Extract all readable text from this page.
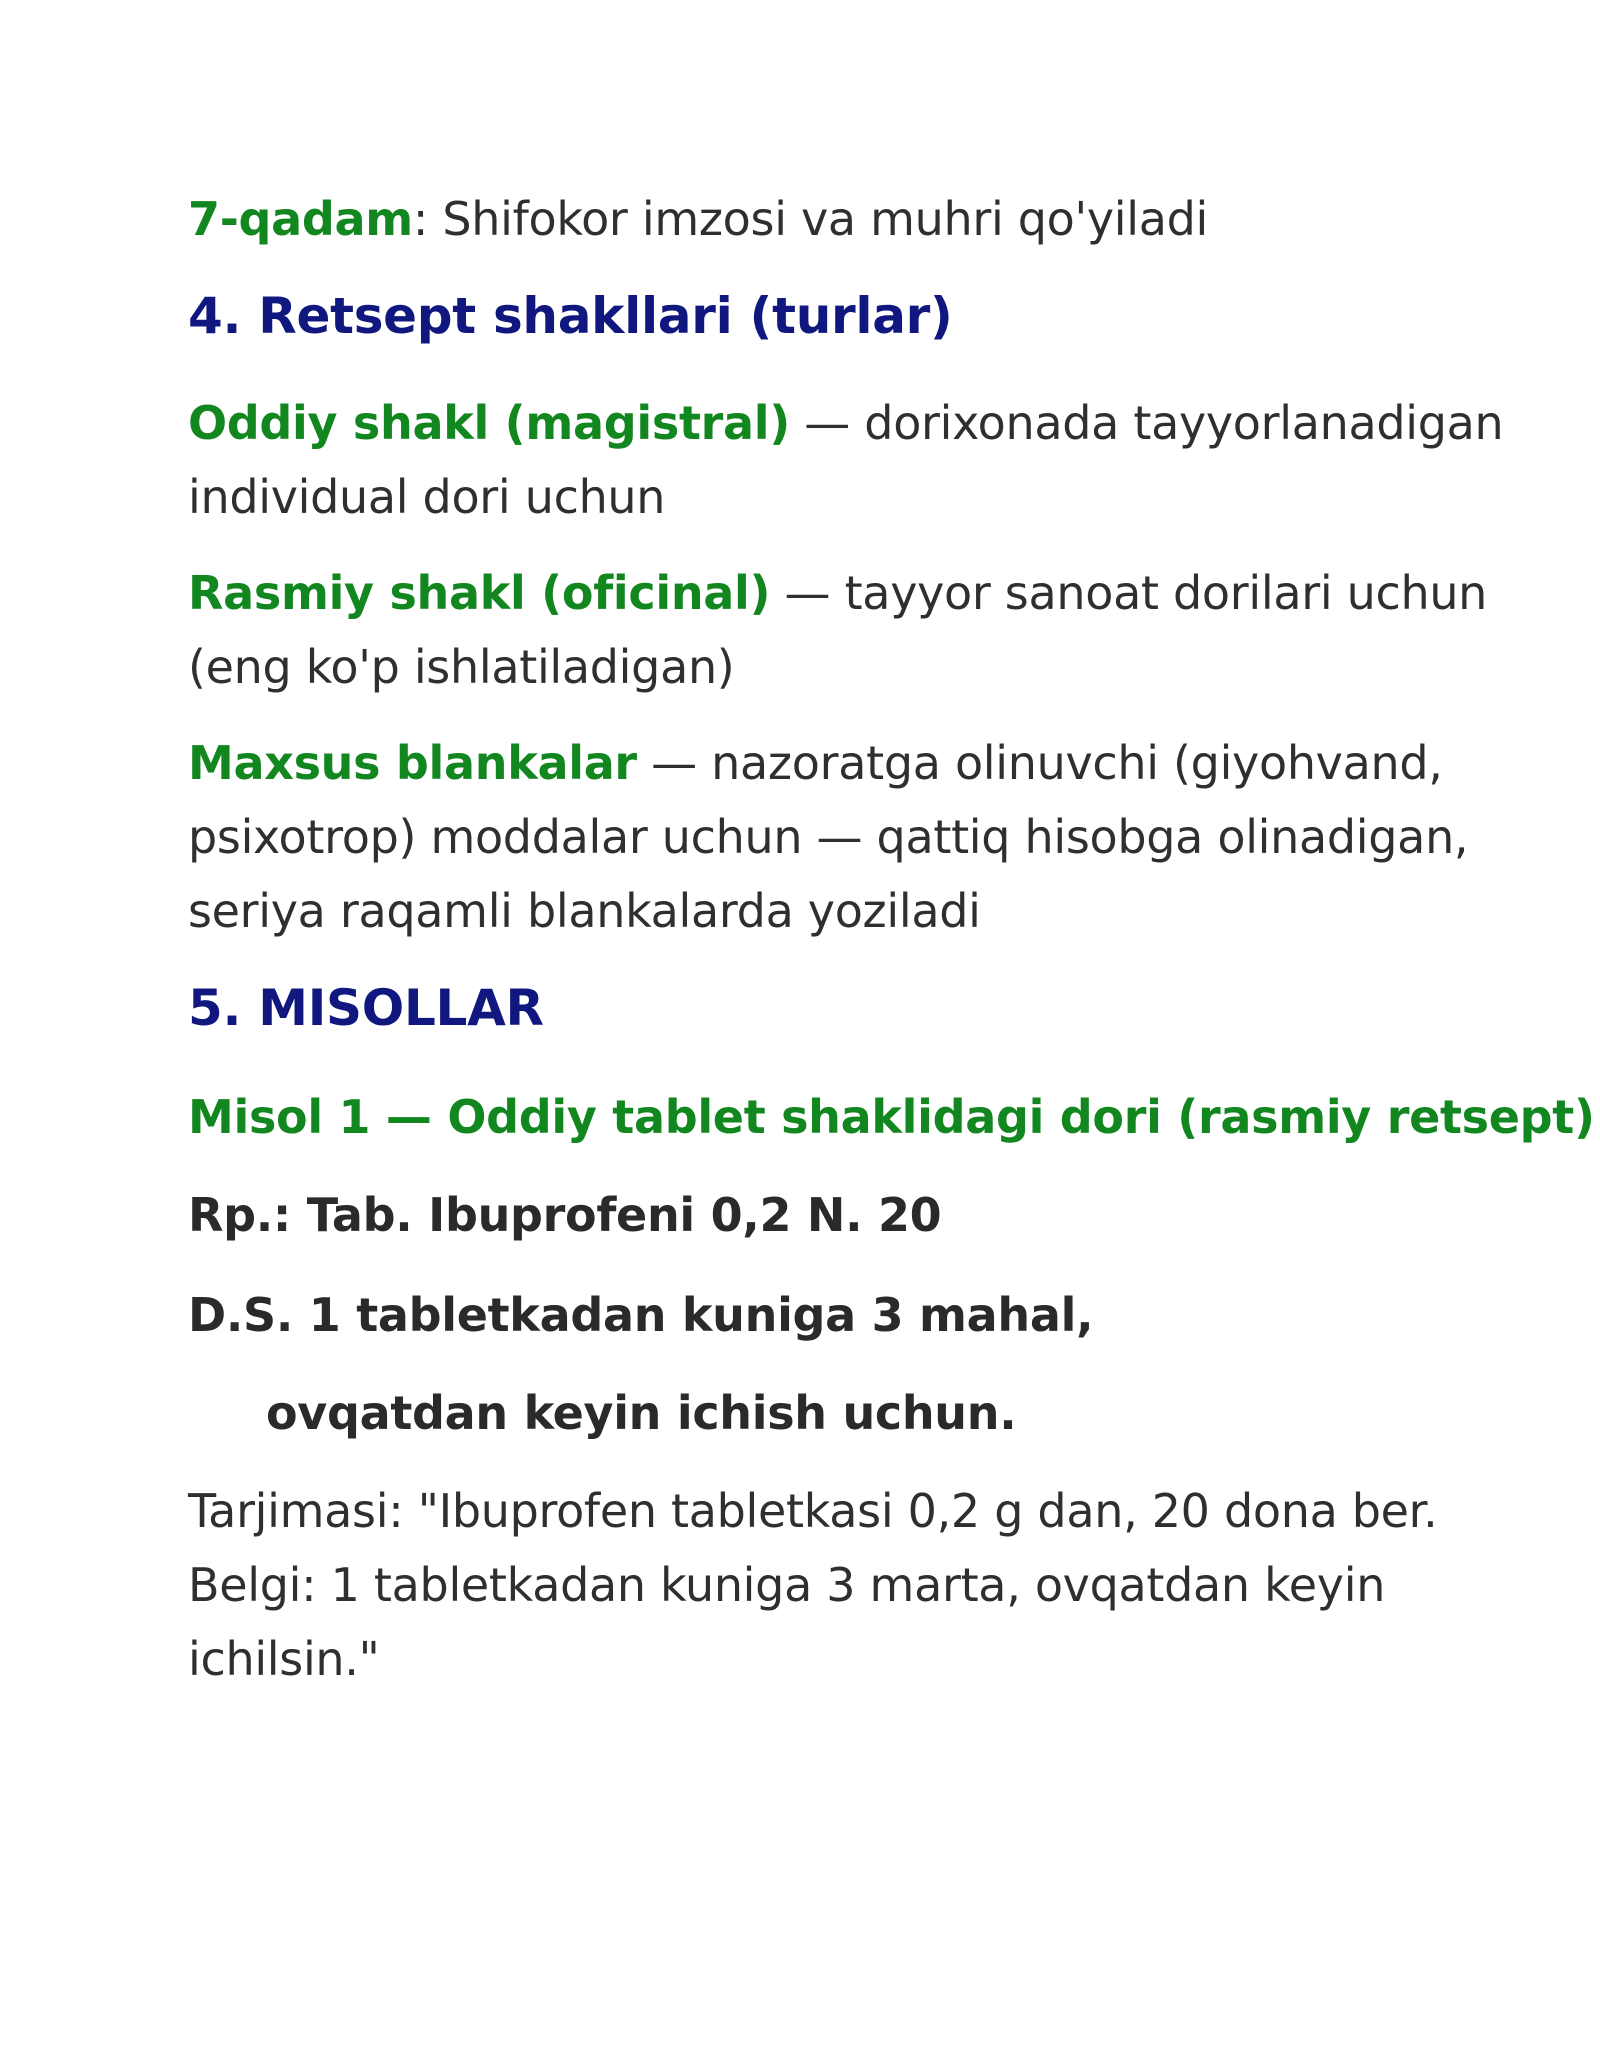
7-qadam: Shifokor imzosi va muhri qo'yiladi

4. Retsept shakllari (turlar)

Oddiy shakl (magistral) — dorixonada tayyorlanadigan
individual dori uchun

Rasmiy shakl (oficinal) — tayyor sanoat dorilari uchun
(eng ko'p ishlatiladigan)

Maxsus blankalar — nazoratga olinuvchi (giyohvand,
psixotrop) moddalar uchun — qattiq hisobga olinadigan,
seriya raqamli blankalarda yoziladi

5. MISOLLAR
Misol 1 — Oddiy tablet shaklidagi dori (rasmiy retsept)

Rp.: Tab. Ibuprofeni 0,2 N. 20

D.S. 1 tabletkadan kuniga 3 mahal,

ovqatdan keyin ichish uchun.

Tarjimasi: "Ibuprofen tabletkasi 0,2 g dan, 20 dona ber.
Belgi: 1 tabletkadan kuniga 3 marta, ovqatdan keyin
ichilsin."
